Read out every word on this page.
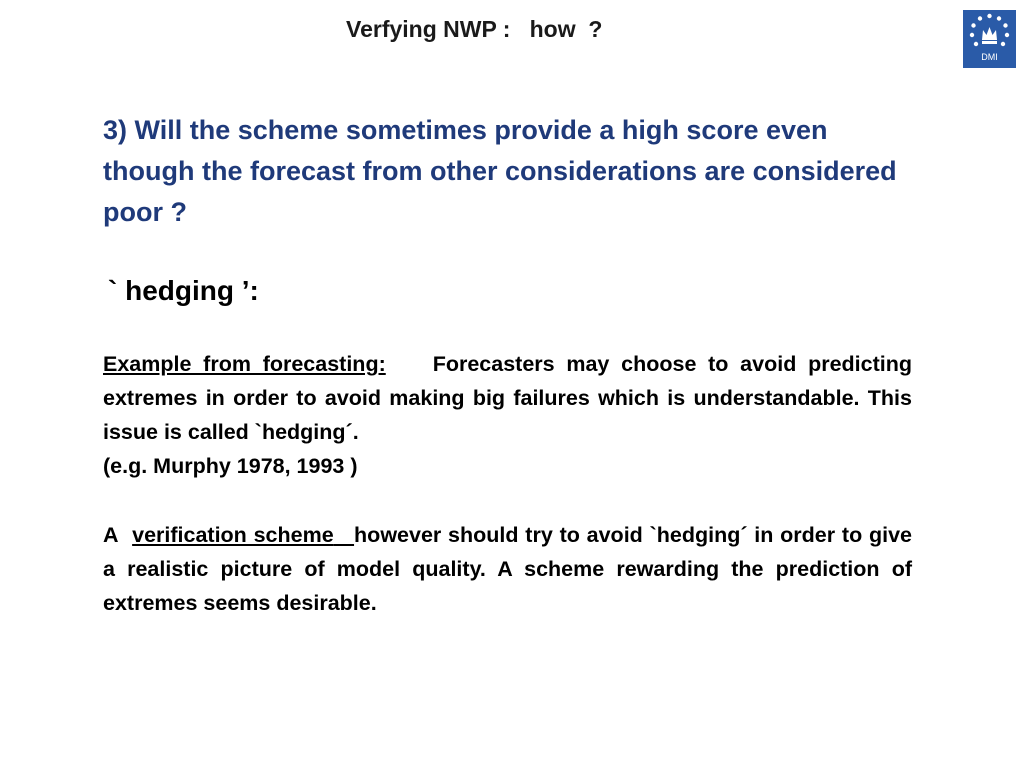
Verfying NWP :   how  ?
DMI
3) Will the scheme sometimes provide a high score even though the forecast from other considerations are considered poor ?
` hedging ’:
Example from forecasting: Forecasters may choose to avoid predicting extremes in order to avoid making big failures which is understandable. This issue is called `hedging´.
(e.g. Murphy 1978, 1993 )
A verification scheme however should try to avoid `hedging´ in order to give a realistic picture of model quality. A scheme rewarding the prediction of extremes seems desirable.
